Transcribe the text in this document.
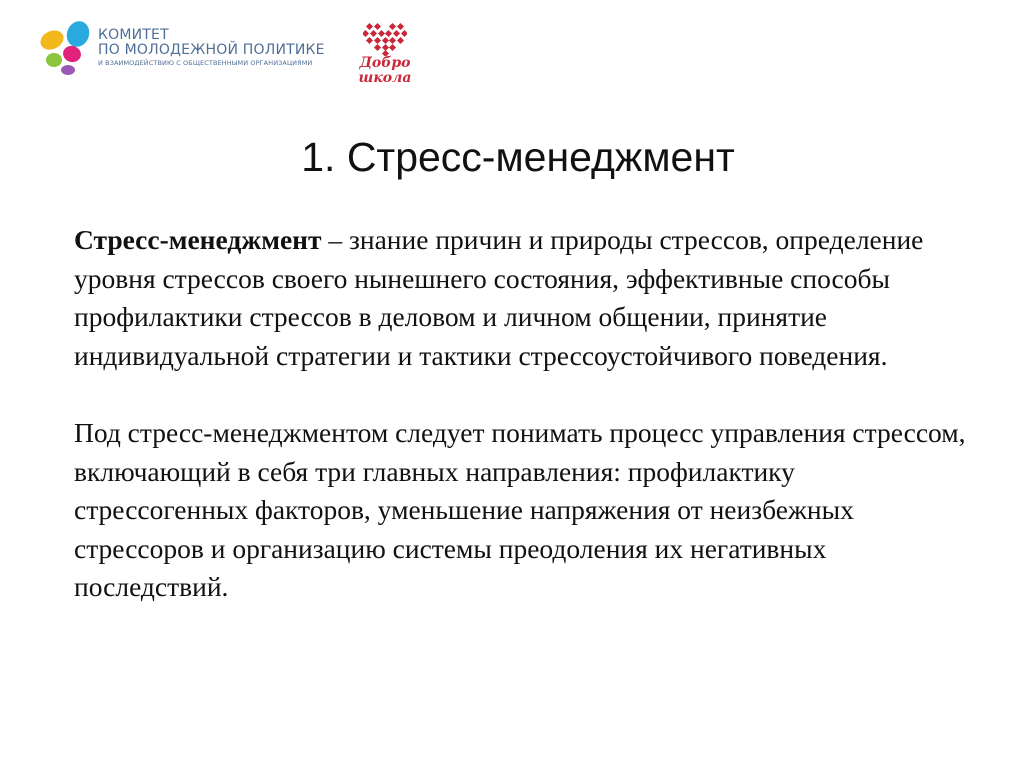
КОМИТЕТ
ПО МОЛОДЕЖНОЙ ПОЛИТИКЕ
И ВЗАИМОДЕЙСТВИЮ С ОБЩЕСТВЕННЫМИ ОРГАНИЗАЦИЯМИ	Добро
школа
1. Стресс-менеджмент

Стресс-менеджмент – знание причин и природы стрессов, определение уровня стрессов своего нынешнего состояния, эффективные способы профилактики стрессов в деловом и личном общении, принятие индивидуальной стратегии и тактики стрессоустойчивого поведения.

Под стресс-менеджментом следует понимать процесс управления стрессом, включающий в себя три главных направления: профилактику стрессогенных факторов, уменьшение напряжения от неизбежных стрессоров и организацию системы преодоления их негативных последствий.
